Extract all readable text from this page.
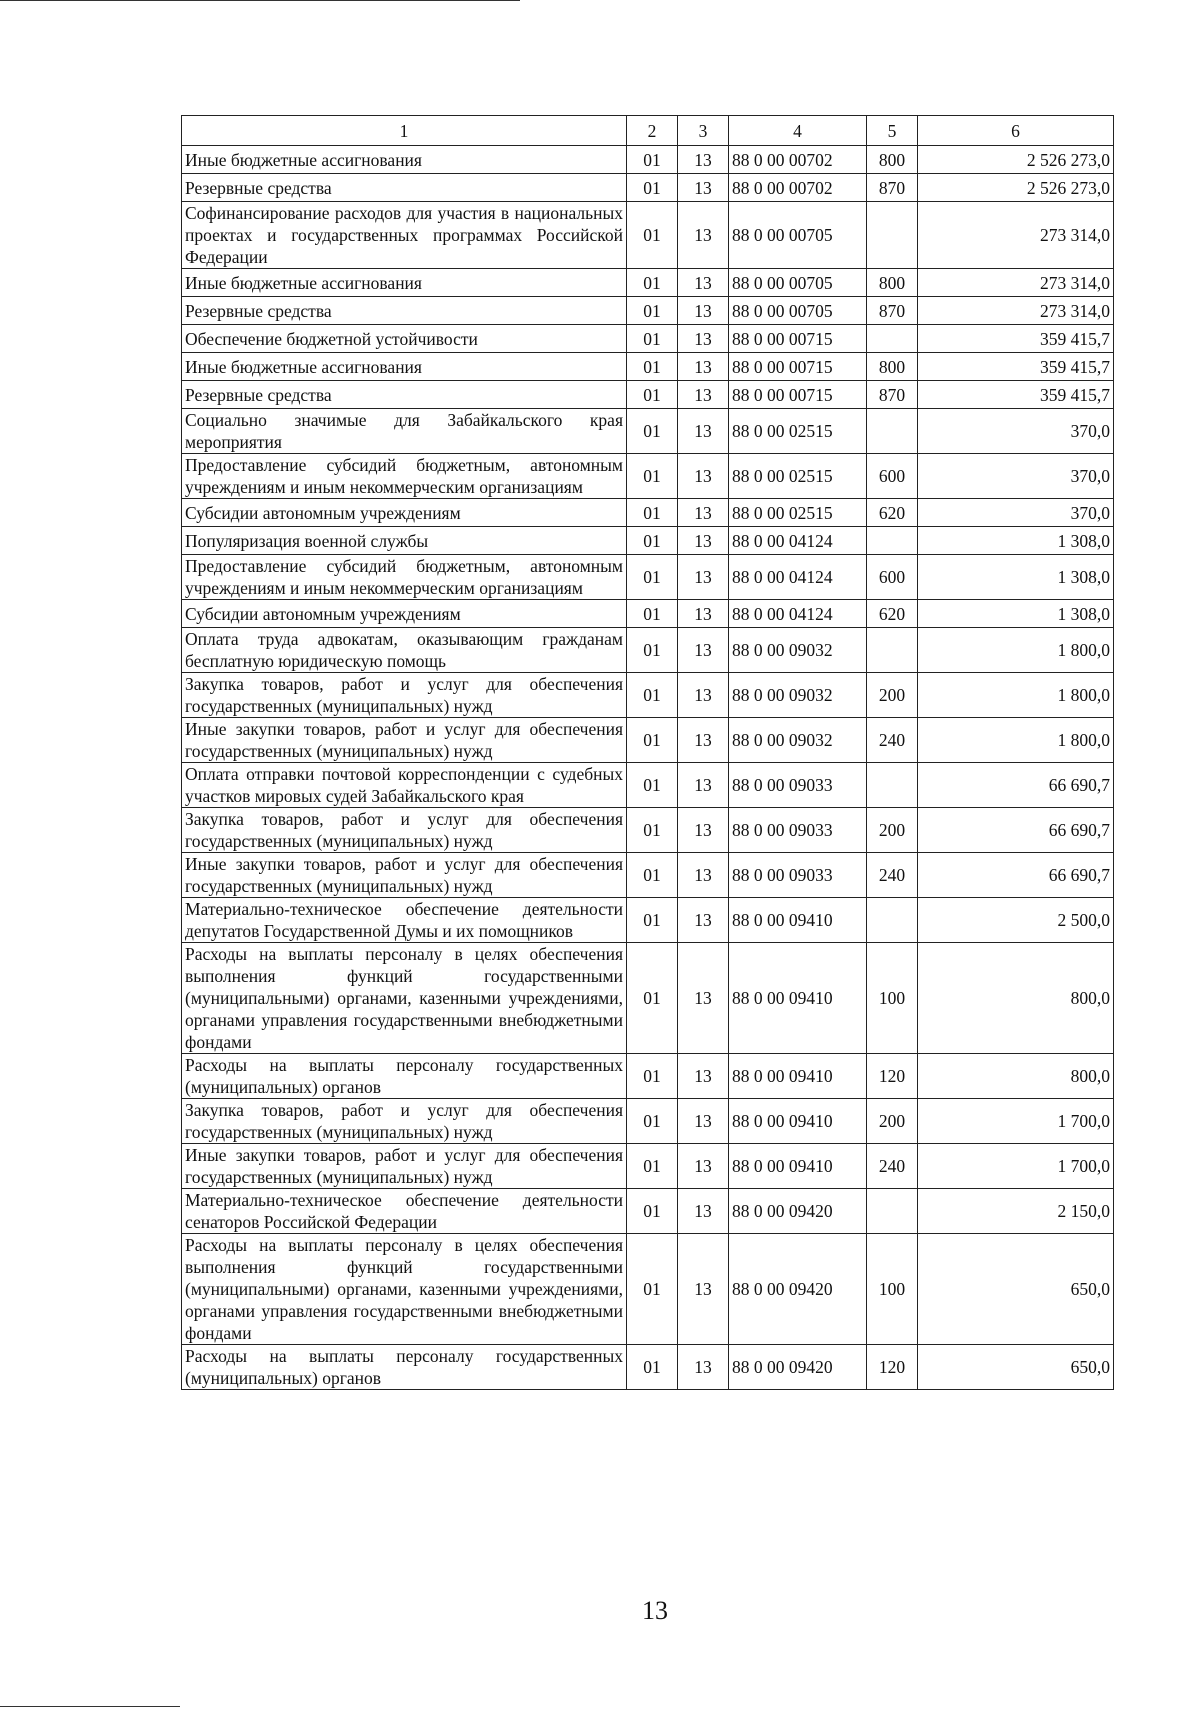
1	2	3	4	5	6
Иные бюджетные ассигнования	01	13	88 0 00 00702	800	2 526 273,0
Резервные средства	01	13	88 0 00 00702	870	2 526 273,0
Софинансирование расходов для участия в национальных проектах и государственных программах Российской Федерации	01	13	88 0 00 00705		273 314,0
Иные бюджетные ассигнования	01	13	88 0 00 00705	800	273 314,0
Резервные средства	01	13	88 0 00 00705	870	273 314,0
Обеспечение бюджетной устойчивости	01	13	88 0 00 00715		359 415,7
Иные бюджетные ассигнования	01	13	88 0 00 00715	800	359 415,7
Резервные средства	01	13	88 0 00 00715	870	359 415,7
Социально значимые для Забайкальского края мероприятия	01	13	88 0 00 02515		370,0
Предоставление субсидий бюджетным, автономным учреждениям и иным некоммерческим организациям	01	13	88 0 00 02515	600	370,0
Субсидии автономным учреждениям	01	13	88 0 00 02515	620	370,0
Популяризация военной службы	01	13	88 0 00 04124		1 308,0
Предоставление субсидий бюджетным, автономным учреждениям и иным некоммерческим организациям	01	13	88 0 00 04124	600	1 308,0
Субсидии автономным учреждениям	01	13	88 0 00 04124	620	1 308,0
Оплата труда адвокатам, оказывающим гражданам бесплатную юридическую помощь	01	13	88 0 00 09032		1 800,0
Закупка товаров, работ и услуг для обеспечения государственных (муниципальных) нужд	01	13	88 0 00 09032	200	1 800,0
Иные закупки товаров, работ и услуг для обеспечения государственных (муниципальных) нужд	01	13	88 0 00 09032	240	1 800,0
Оплата отправки почтовой корреспонденции с судебных участков мировых судей Забайкальского края	01	13	88 0 00 09033		66 690,7
Закупка товаров, работ и услуг для обеспечения государственных (муниципальных) нужд	01	13	88 0 00 09033	200	66 690,7
Иные закупки товаров, работ и услуг для обеспечения государственных (муниципальных) нужд	01	13	88 0 00 09033	240	66 690,7
Материально-техническое обеспечение деятельности депутатов Государственной Думы и их помощников	01	13	88 0 00 09410		2 500,0
Расходы на выплаты персоналу в целях обеспечения выполнения функций государственными (муниципальными) органами, казенными учреждениями, органами управления государственными внебюджетными фондами	01	13	88 0 00 09410	100	800,0
Расходы на выплаты персоналу государственных (муниципальных) органов	01	13	88 0 00 09410	120	800,0
Закупка товаров, работ и услуг для обеспечения государственных (муниципальных) нужд	01	13	88 0 00 09410	200	1 700,0
Иные закупки товаров, работ и услуг для обеспечения государственных (муниципальных) нужд	01	13	88 0 00 09410	240	1 700,0
Материально-техническое обеспечение деятельности сенаторов Российской Федерации	01	13	88 0 00 09420		2 150,0
Расходы на выплаты персоналу в целях обеспечения выполнения функций государственными (муниципальными) органами, казенными учреждениями, органами управления государственными внебюджетными фондами	01	13	88 0 00 09420	100	650,0
Расходы на выплаты персоналу государственных (муниципальных) органов	01	13	88 0 00 09420	120	650,0
13
